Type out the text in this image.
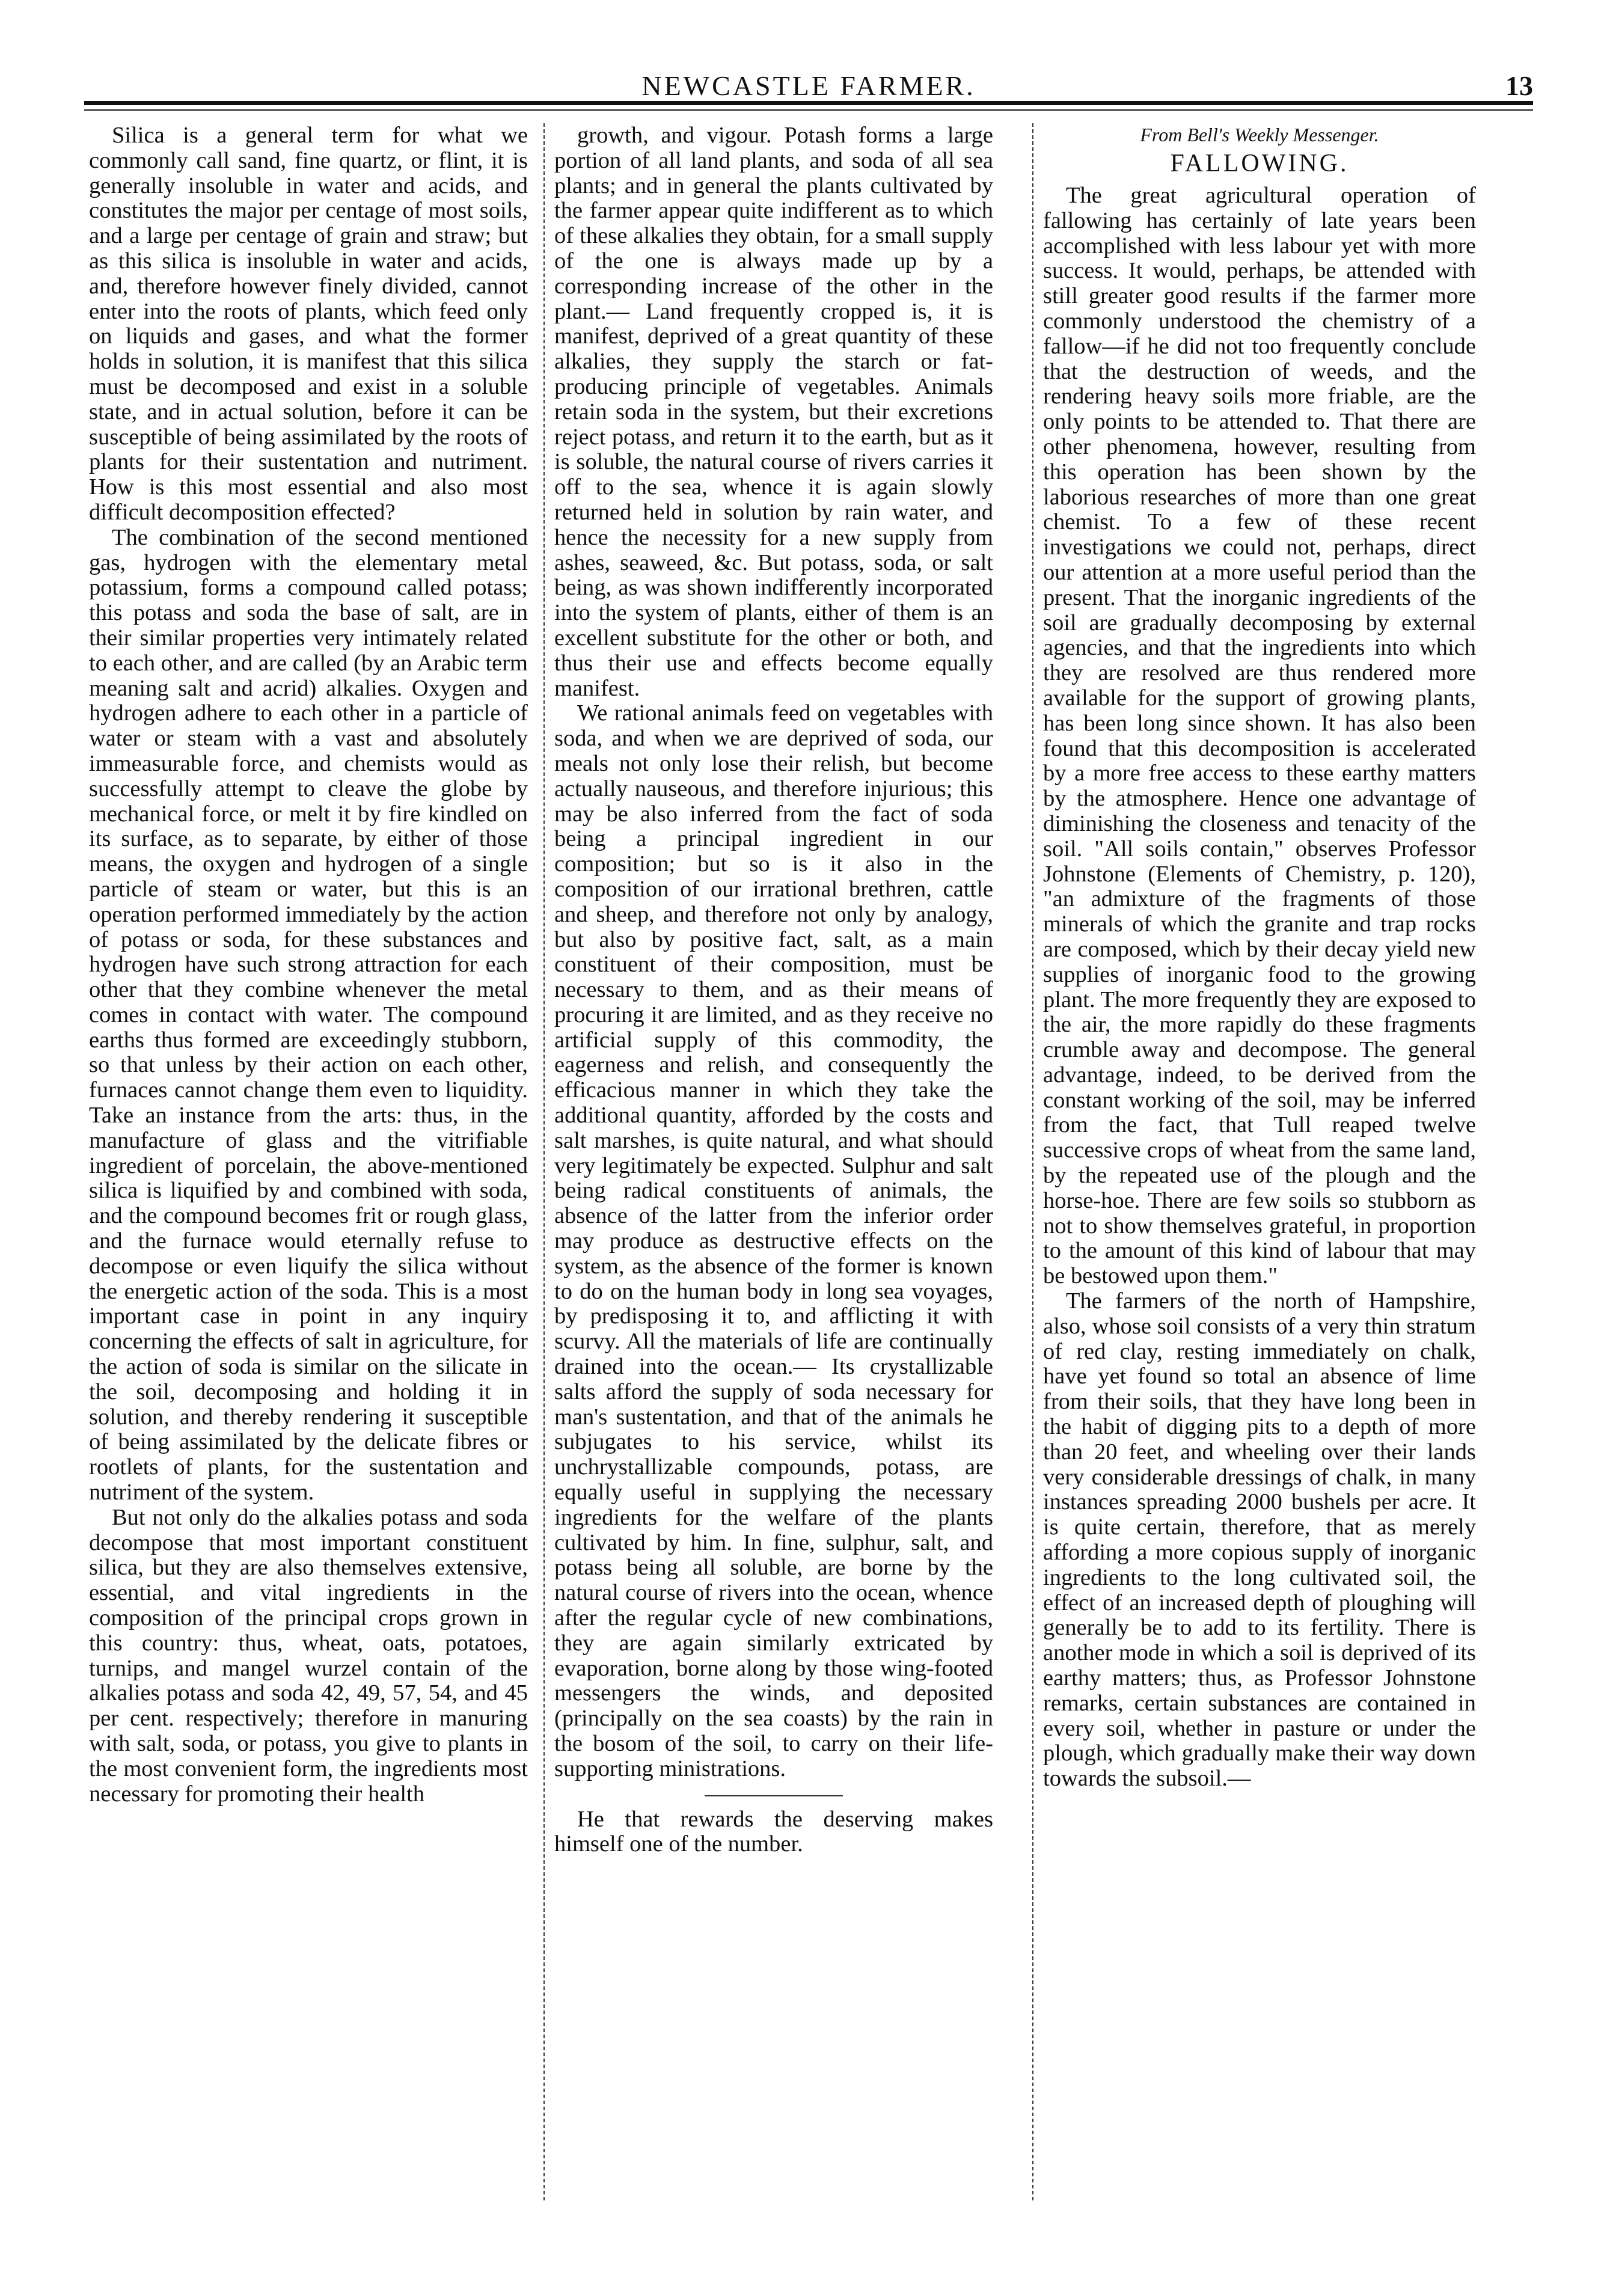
NEWCASTLE FARMER.	13

Silica is a general term for what we commonly call sand, fine quartz, or flint, it is generally insoluble in water and acids, and constitutes the major per centage of most soils, and a large per centage of grain and straw; but as this silica is insoluble in water and acids, and, therefore however finely divided, cannot enter into the roots of plants, which feed only on liquids and gases, and what the former holds in solution, it is manifest that this silica must be decomposed and exist in a soluble state, and in actual solution, before it can be susceptible of being assimilated by the roots of plants for their sustentation and nutriment. How is this most essential and also most difficult decomposition effected?

The combination of the second mentioned gas, hydrogen with the elementary metal potassium, forms a compound called potass; this potass and soda the base of salt, are in their similar properties very intimately related to each other, and are called (by an Arabic term meaning salt and acrid) alkalies. Oxygen and hydrogen adhere to each other in a particle of water or steam with a vast and absolutely immeasurable force, and chemists would as successfully attempt to cleave the globe by mechanical force, or melt it by fire kindled on its surface, as to separate, by either of those means, the oxygen and hydrogen of a single particle of steam or water, but this is an operation performed immediately by the action of potass or soda, for these substances and hydrogen have such strong attraction for each other that they combine whenever the metal comes in contact with water. The compound earths thus formed are exceedingly stubborn, so that unless by their action on each other, furnaces cannot change them even to liquidity. Take an instance from the arts: thus, in the manufacture of glass and the vitrifiable ingredient of porcelain, the above-mentioned silica is liquified by and combined with soda, and the compound becomes frit or rough glass, and the furnace would eternally refuse to decompose or even liquify the silica without the energetic action of the soda. This is a most important case in point in any inquiry concerning the effects of salt in agriculture, for the action of soda is similar on the silicate in the soil, decomposing and holding it in solution, and thereby rendering it susceptible of being assimilated by the delicate fibres or rootlets of plants, for the sustentation and nutriment of the system.

But not only do the alkalies potass and soda decompose that most important constituent silica, but they are also themselves extensive, essential, and vital ingredients in the composition of the principal crops grown in this country: thus, wheat, oats, potatoes, turnips, and mangel wurzel contain of the alkalies potass and soda 42, 49, 57, 54, and 45 per cent. respectively; therefore in manuring with salt, soda, or potass, you give to plants in the most convenient form, the ingredients most necessary for promoting their health

growth, and vigour. Potash forms a large portion of all land plants, and soda of all sea plants; and in general the plants cultivated by the farmer appear quite indifferent as to which of these alkalies they obtain, for a small supply of the one is always made up by a corresponding increase of the other in the plant.— Land frequently cropped is, it is manifest, deprived of a great quantity of these alkalies, they supply the starch or fat-producing principle of vegetables. Animals retain soda in the system, but their excretions reject potass, and return it to the earth, but as it is soluble, the natural course of rivers carries it off to the sea, whence it is again slowly returned held in solution by rain water, and hence the necessity for a new supply from ashes, seaweed, &c. But potass, soda, or salt being, as was shown indifferently incorporated into the system of plants, either of them is an excellent substitute for the other or both, and thus their use and effects become equally manifest.

We rational animals feed on vegetables with soda, and when we are deprived of soda, our meals not only lose their relish, but become actually nauseous, and therefore injurious; this may be also inferred from the fact of soda being a principal ingredient in our composition; but so is it also in the composition of our irrational brethren, cattle and sheep, and therefore not only by analogy, but also by positive fact, salt, as a main constituent of their composition, must be necessary to them, and as their means of procuring it are limited, and as they receive no artificial supply of this commodity, the eagerness and relish, and consequently the efficacious manner in which they take the additional quantity, afforded by the costs and salt marshes, is quite natural, and what should very legitimately be expected. Sulphur and salt being radical constituents of animals, the absence of the latter from the inferior order may produce as destructive effects on the system, as the absence of the former is known to do on the human body in long sea voyages, by predisposing it to, and afflicting it with scurvy. All the materials of life are continually drained into the ocean.— Its crystallizable salts afford the supply of soda necessary for man's sustentation, and that of the animals he subjugates to his service, whilst its unchrystallizable compounds, potass, are equally useful in supplying the necessary ingredients for the welfare of the plants cultivated by him. In fine, sulphur, salt, and potass being all soluble, are borne by the natural course of rivers into the ocean, whence after the regular cycle of new combinations, they are again similarly extricated by evaporation, borne along by those wing-footed messengers the winds, and deposited (principally on the sea coasts) by the rain in the bosom of the soil, to carry on their life-supporting ministrations.

He that rewards the deserving makes himself one of the number.

From Bell's Weekly Messenger.

FALLOWING.

The great agricultural operation of fallowing has certainly of late years been accomplished with less labour yet with more success. It would, perhaps, be attended with still greater good results if the farmer more commonly understood the chemistry of a fallow—if he did not too frequently conclude that the destruction of weeds, and the rendering heavy soils more friable, are the only points to be attended to. That there are other phenomena, however, resulting from this operation has been shown by the laborious researches of more than one great chemist. To a few of these recent investigations we could not, perhaps, direct our attention at a more useful period than the present. That the inorganic ingredients of the soil are gradually decomposing by external agencies, and that the ingredients into which they are resolved are thus rendered more available for the support of growing plants, has been long since shown. It has also been found that this decomposition is accelerated by a more free access to these earthy matters by the atmosphere. Hence one advantage of diminishing the closeness and tenacity of the soil. "All soils contain," observes Professor Johnstone (Elements of Chemistry, p. 120), "an admixture of the fragments of those minerals of which the granite and trap rocks are composed, which by their decay yield new supplies of inorganic food to the growing plant. The more frequently they are exposed to the air, the more rapidly do these fragments crumble away and decompose. The general advantage, indeed, to be derived from the constant working of the soil, may be inferred from the fact, that Tull reaped twelve successive crops of wheat from the same land, by the repeated use of the plough and the horse-hoe. There are few soils so stubborn as not to show themselves grateful, in proportion to the amount of this kind of labour that may be bestowed upon them."

The farmers of the north of Hampshire, also, whose soil consists of a very thin stratum of red clay, resting immediately on chalk, have yet found so total an absence of lime from their soils, that they have long been in the habit of digging pits to a depth of more than 20 feet, and wheeling over their lands very considerable dressings of chalk, in many instances spreading 2000 bushels per acre. It is quite certain, therefore, that as merely affording a more copious supply of inorganic ingredients to the long cultivated soil, the effect of an increased depth of ploughing will generally be to add to its fertility. There is another mode in which a soil is deprived of its earthy matters; thus, as Professor Johnstone remarks, certain substances are contained in every soil, whether in pasture or under the plough, which gradually make their way down towards the subsoil.—
